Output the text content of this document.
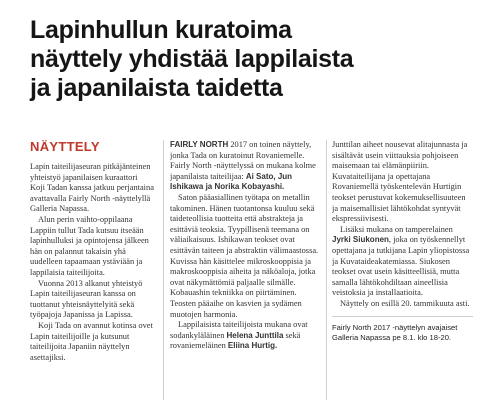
Lapinhullun kuratoima
näyttely yhdistää lappilaista
ja japanilaista taidetta
NÄYTTELY

Lapin taiteilijaseuran pitkäjänteinen yhteistyö japanilaisen kuraattori Koji Tadan kanssa jatkuu perjantaina avattavalla Fairly North -näyttelyllä Galleria Napassa.

Alun perin vaihto-oppilaana Lappiin tullut Tada kutsuu itseään lapinhulluksi ja opintojensa jälkeen hän on palannut takaisin yhä uudelleen tapaamaan ystäviään ja lappilaisia taiteilijoita.

Vuonna 2013 alkanut yhteistyö Lapin taiteilijaseuran kanssa on tuottanut yhteisnäyttelyitä sekä työpajoja Japanissa ja Lapissa.

Koji Tada on avannut kotinsa ovet Lapin taiteilijoille ja kutsunut taiteilijoita Japaniin näyttelyn asettajiksi.

FAIRLY NORTH 2017 on toinen näyttely, jonka Tada on kuratoinut Rovaniemelle. Fairly North -näyttelyssä on mukana kolme japanilaista taiteilijaa: Ai Sato, Jun Ishikawa ja Norika Kobayashi.

Saton pääasiallinen työtapa on metallin takominen. Hänen tuotantonsa kuuluu sekä taideteollisia tuotteita että abstrakteja ja esittäviä teoksia. Tyypillisenä teemana on väliaikaisuus. Ishikawan teokset ovat esittävän taiteen ja abstraktin välimaastossa. Kuvissa hän käsittelee mikroskooppisia ja makroskooppisia aiheita ja näköaloja, jotka ovat näkymättömiä paljaalle silmälle. Kobauashin tekniikka on piirtäminen. Teosten pääaihe on kasvien ja sydämen muotojen harmonia.

Lappilaisista taiteilijoista mukana ovat sodankyläläinen Helena Junttila sekä rovaniemeläinen Eliina Hurtig.

Junttilan aiheet nousevat alitajunnasta ja sisältävät usein viittauksia pohjoiseen maisemaan tai elämänpiiriin. Kuvataiteilijana ja opettajana Rovaniemellä työskentelevän Hurtigin teokset perustuvat kokemuksellisuuteen ja maisemallisiet lähtökohdat syntyvät ekspressiivisesti.

Lisäksi mukana on tamperelainen Jyrki Siukonen, joka on työskennellyt opettajana ja tutkijana Lapin yliopistossa ja Kuvataideakatemiassa. Siukosen teokset ovat usein käsitteellisiä, mutta samalla lähtökohdiltaan aineellisia veistoksia ja installaatioita.

Näyttely on esillä 20. tammikuuta asti.

Fairly North 2017 -näyttelyn avajaiset Galleria Napassa pe 8.1. klo 18-20.
